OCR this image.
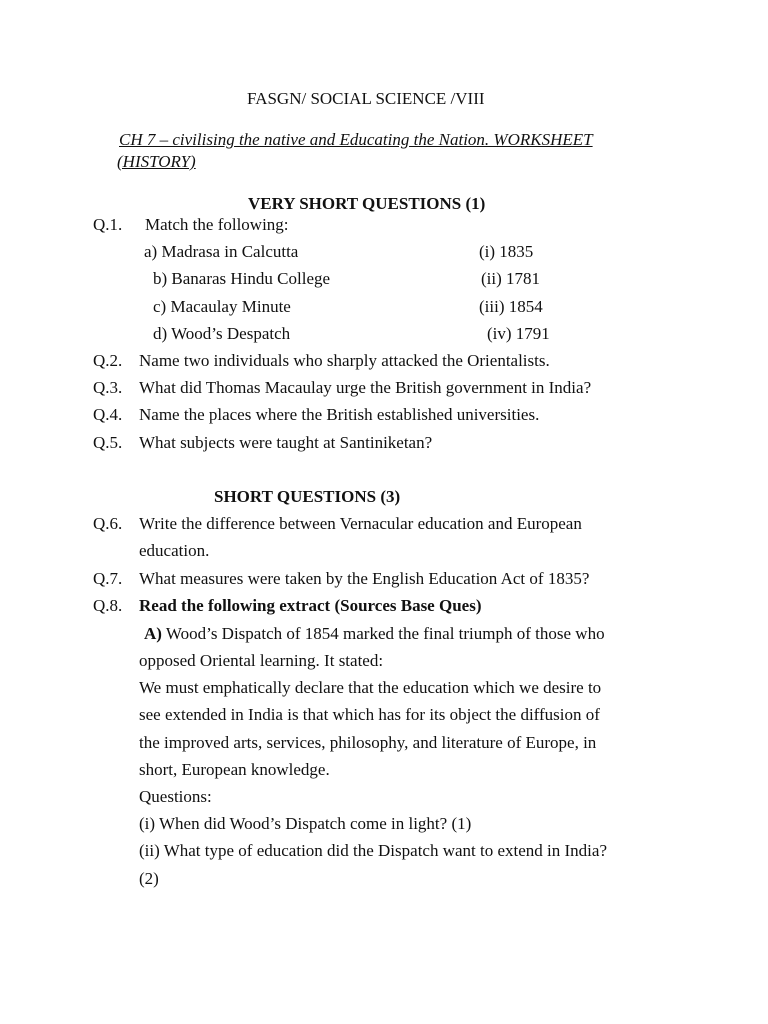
FASGN/ SOCIAL SCIENCE /VIII
CH 7 – civilising the native and Educating the Nation. WORKSHEET
(HISTORY)
VERY SHORT QUESTIONS (1)
Q.1. Match the following:
a) Madrasa in Calcutta	(i) 1835
b) Banaras Hindu College	(ii) 1781
c) Macaulay Minute	(iii) 1854
d) Wood’s Despatch	(iv) 1791
Q.2. Name two individuals who sharply attacked the Orientalists.
Q.3. What did Thomas Macaulay urge the British government in India?
Q.4. Name the places where the British established universities.
Q.5. What subjects were taught at Santiniketan?
SHORT QUESTIONS (3)
Q.6. Write the difference between Vernacular education and European
education.
Q.7. What measures were taken by the English Education Act of 1835?
Q.8. Read the following extract (Sources Base Ques)
A) Wood’s Dispatch of 1854 marked the final triumph of those who
opposed Oriental learning. It stated:
We must emphatically declare that the education which we desire to
see extended in India is that which has for its object the diffusion of
the improved arts, services, philosophy, and literature of Europe, in
short, European knowledge.
Questions:
(i) When did Wood’s Dispatch come in light? (1)
(ii) What type of education did the Dispatch want to extend in India?
(2)
